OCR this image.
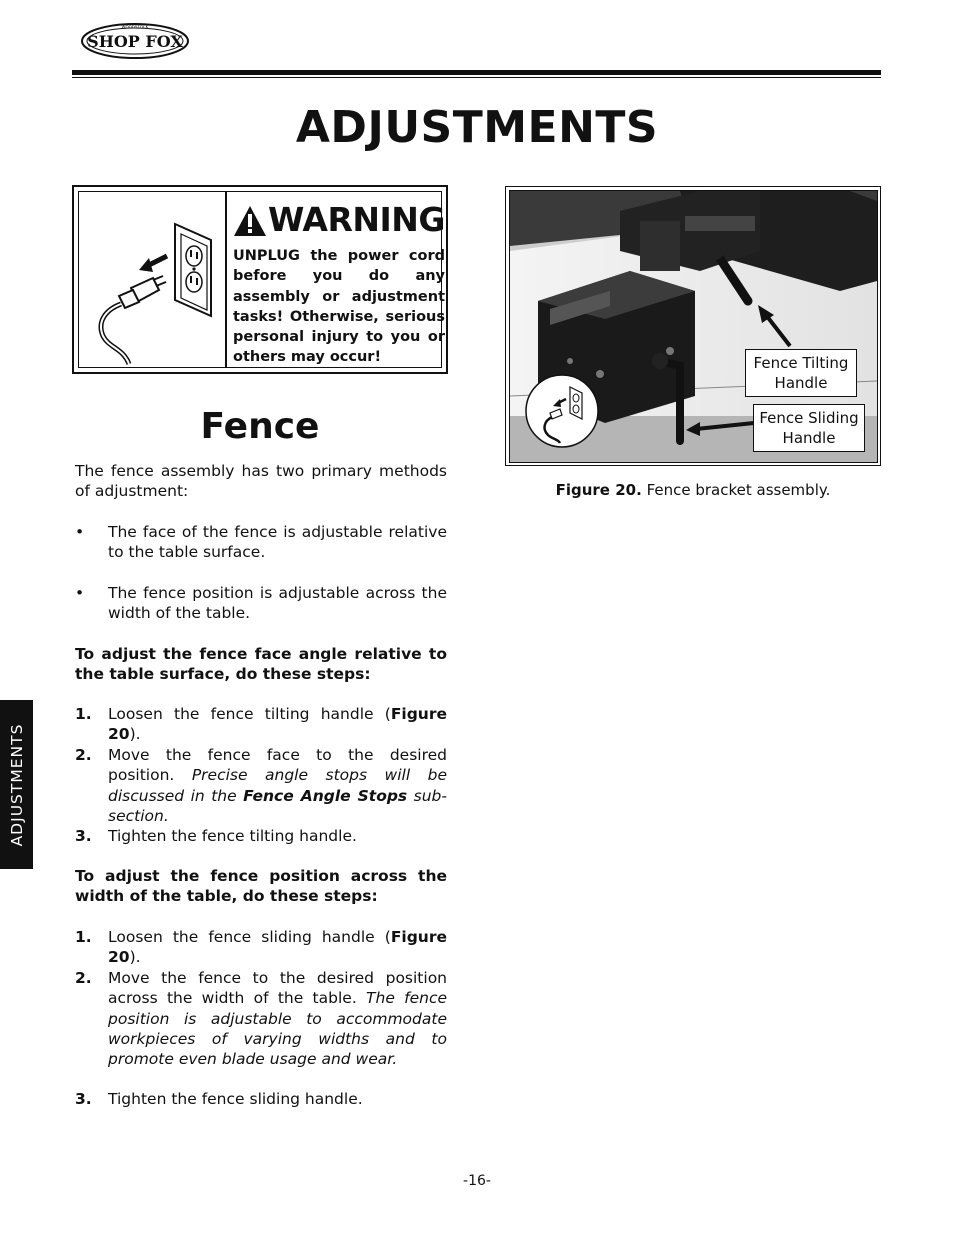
SHOP FOX
WOODSTOCK
ADJUSTMENTS
WARNING
UNPLUG the power cord before you do any assembly or adjustment tasks! Otherwise, serious personal injury to you or others may occur!
Fence
The fence assembly has two primary methods of adjustment:
• The face of the fence is adjustable relative to the table surface.
• The fence position is adjustable across the width of the table.
To adjust the fence face angle relative to the table surface, do these steps:
1. Loosen the fence tilting handle (Figure 20).
2. Move the fence face to the desired position. Precise angle stops will be discussed in the Fence Angle Stops sub-section.
3. Tighten the fence tilting handle.
To adjust the fence position across the width of the table, do these steps:
1. Loosen the fence sliding handle (Figure 20).
2. Move the fence to the desired position across the width of the table. The fence position is adjustable to accommodate workpieces of varying widths and to promote even blade usage and wear.
3. Tighten the fence sliding handle.
ADJUSTMENTS
Fence Tilting
Handle
Fence Sliding
Handle
Figure 20. Fence bracket assembly.
-16-
